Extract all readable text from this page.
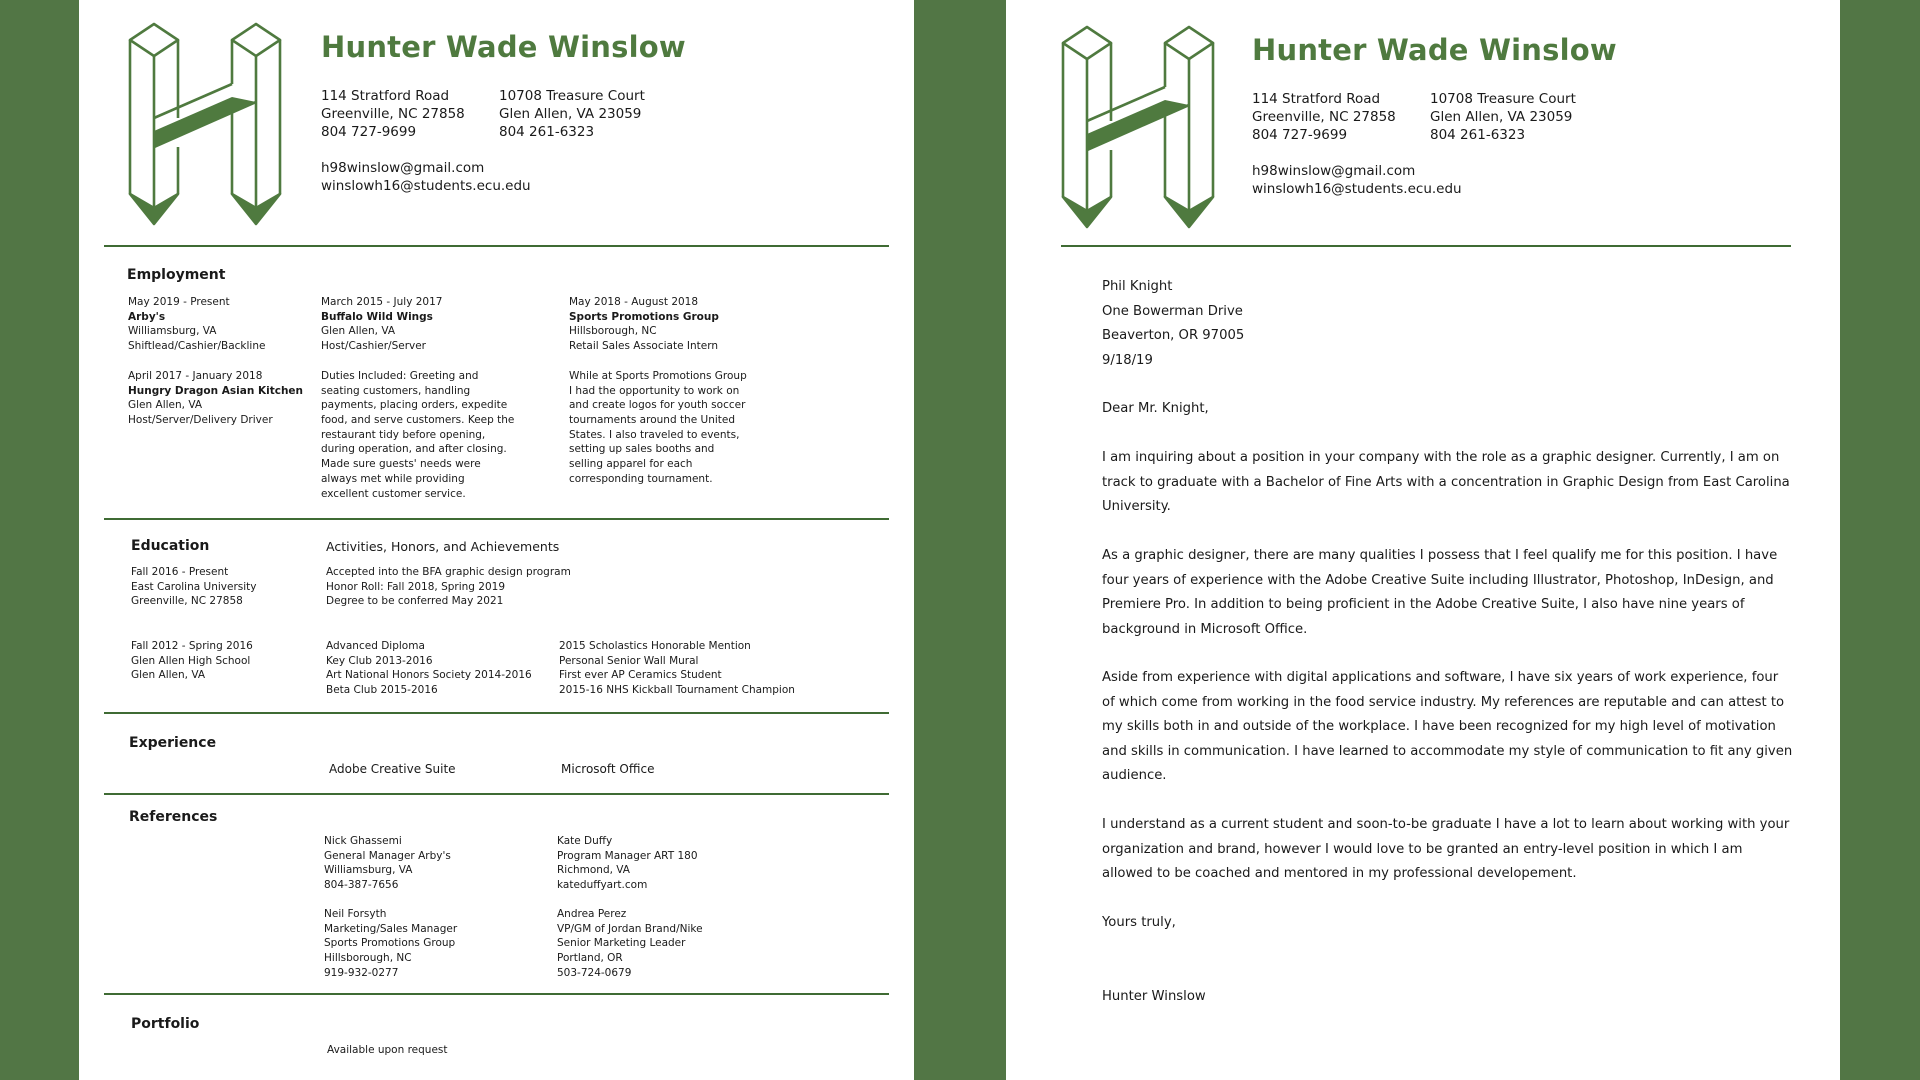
Hunter Wade Winslow
114 Stratford Road
Greenville, NC 27858
804 727-9699
10708 Treasure Court
Glen Allen, VA 23059
804 261-6323
h98winslow@gmail.com
winslowh16@students.ecu.edu
Employment
May 2019 - Present
Arby's
Williamsburg, VA
Shiftlead/Cashier/Backline
April 2017 - January 2018
Hungry Dragon Asian Kitchen
Glen Allen, VA
Host/Server/Delivery Driver
March 2015 - July 2017
Buffalo Wild Wings
Glen Allen, VA
Host/Cashier/Server
Duties Included: Greeting and
seating customers, handling
payments, placing orders, expedite
food, and serve customers. Keep the
restaurant tidy before opening,
during operation, and after closing.
Made sure guests' needs were
always met while providing
excellent customer service.
May 2018 - August 2018
Sports Promotions Group
Hillsborough, NC
Retail Sales Associate Intern
While at Sports Promotions Group
I had the opportunity to work on
and create logos for youth soccer
tournaments around the United
States. I also traveled to events,
setting up sales booths and
selling apparel for each
corresponding tournament.
Education	Activities, Honors, and Achievements
Fall 2016 - Present
East Carolina University
Greenville, NC 27858
Accepted into the BFA graphic design program
Honor Roll: Fall 2018, Spring 2019
Degree to be conferred May 2021
Fall 2012 - Spring 2016
Glen Allen High School
Glen Allen, VA
Advanced Diploma
Key Club 2013-2016
Art National Honors Society 2014-2016
Beta Club 2015-2016
2015 Scholastics Honorable Mention
Personal Senior Wall Mural
First ever AP Ceramics Student
2015-16 NHS Kickball Tournament Champion
Experience
Adobe Creative Suite	Microsoft Office
References
Nick Ghassemi
General Manager Arby's
Williamsburg, VA
804-387-7656
Kate Duffy
Program Manager ART 180
Richmond, VA
kateduffyart.com
Neil Forsyth
Marketing/Sales Manager
Sports Promotions Group
Hillsborough, NC
919-932-0277
Andrea Perez
VP/GM of Jordan Brand/Nike
Senior Marketing Leader
Portland, OR
503-724-0679
Portfolio
Available upon request
Hunter Wade Winslow
114 Stratford Road
Greenville, NC 27858
804 727-9699
10708 Treasure Court
Glen Allen, VA 23059
804 261-6323
h98winslow@gmail.com
winslowh16@students.ecu.edu
Phil Knight
One Bowerman Drive
Beaverton, OR 97005
9/18/19
Dear Mr. Knight,
I am inquiring about a position in your company with the role as a graphic designer. Currently, I am on
track to graduate with a Bachelor of Fine Arts with a concentration in Graphic Design from East Carolina
University.
As a graphic designer, there are many qualities I possess that I feel qualify me for this position. I have
four years of experience with the Adobe Creative Suite including Illustrator, Photoshop, InDesign, and
Premiere Pro. In addition to being proficient in the Adobe Creative Suite, I also have nine years of
background in Microsoft Office.
Aside from experience with digital applications and software, I have six years of work experience, four
of which come from working in the food service industry. My references are reputable and can attest to
my skills both in and outside of the workplace. I have been recognized for my high level of motivation
and skills in communication. I have learned to accommodate my style of communication to fit any given
audience.
I understand as a current student and soon-to-be graduate I have a lot to learn about working with your
organization and brand, however I would love to be granted an entry-level position in which I am
allowed to be coached and mentored in my professional developement.
Yours truly,
Hunter Winslow
